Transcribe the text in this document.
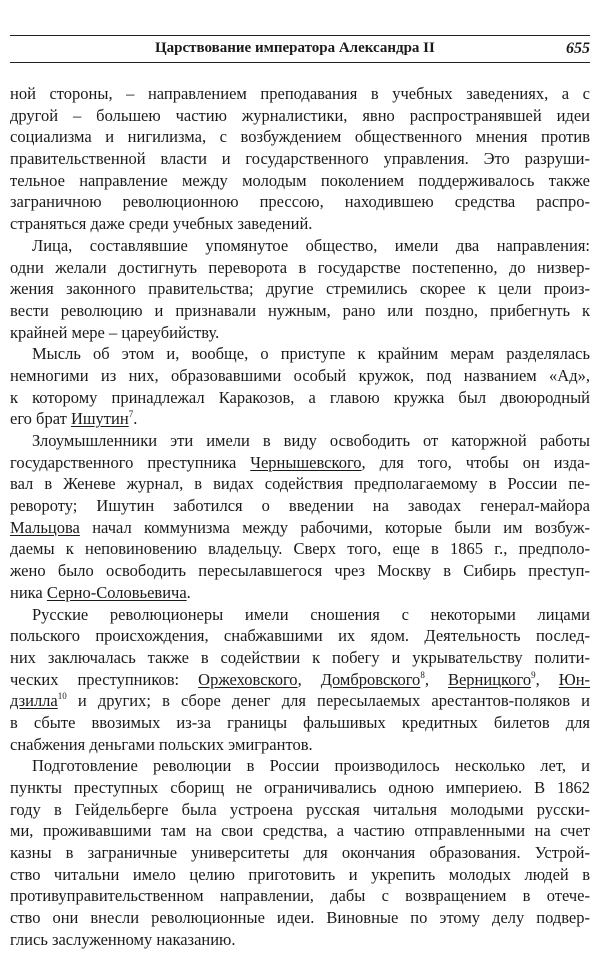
Царствование императора Александра II	655
ной стороны, – направлением преподавания в учебных заведениях, а с
другой – большею частию журналистики, явно распространявшей идеи
социализма и нигилизма, с возбуждением общественного мнения против
правительственной власти и государственного управления. Это разруши-
тельное направление между молодым поколением поддерживалось также
заграничною революционною прессою, находившею средства распро-
страняться даже среди учебных заведений.
Лица, составлявшие упомянутое общество, имели два направления:
одни желали достигнуть переворота в государстве постепенно, до низвер-
жения законного правительства; другие стремились скорее к цели произ-
вести революцию и признавали нужным, рано или поздно, прибегнуть к
крайней мере – цареубийству.
Мысль об этом и, вообще, о приступе к крайним мерам разделялась
немногими из них, образовавшими особый кружок, под названием «Ад»,
к которому принадлежал Каракозов, а главою кружка был двоюродный
его брат Ишутин$^7$.
Злоумышленники эти имели в виду освободить от каторжной работы
государственного преступника Чернышевского, для того, чтобы он изда-
вал в Женеве журнал, в видах содействия предполагаемому в России пе-
ревороту; Ишутин заботился о введении на заводах генерал-майора
Мальцова начал коммунизма между рабочими, которые были им возбуж-
даемы к неповиновению владельцу. Сверх того, еще в 1865 г., предполо-
жено было освободить пересылавшегося чрез Москву в Сибирь преступ-
ника Серно-Соловьевича.
Русские революционеры имели сношения с некоторыми лицами
польского происхождения, снабжавшими их ядом. Деятельность послед-
них заключалась также в содействии к побегу и укрывательству полити-
ческих преступников: Оржеховского, Домбровского$^8$, Верницкого$^9$, Юн-
дзилла$^{10}$ и других; в сборе денег для пересылаемых арестантов-поляков и
в сбыте ввозимых из-за границы фальшивых кредитных билетов для
снабжения деньгами польских эмигрантов.
Подготовление революции в России производилось несколько лет, и
пункты преступных сборищ не ограничивались одною империею. В 1862
году в Гейдельберге была устроена русская читальня молодыми русски-
ми, проживавшими там на свои средства, а частию отправленными на счет
казны в заграничные университеты для окончания образования. Устрой-
ство читальни имело целию приготовить и укрепить молодых людей в
противуправительственном направлении, дабы с возвращением в отече-
ство они внесли революционные идеи. Виновные по этому делу подвер-
глись заслуженному наказанию.
